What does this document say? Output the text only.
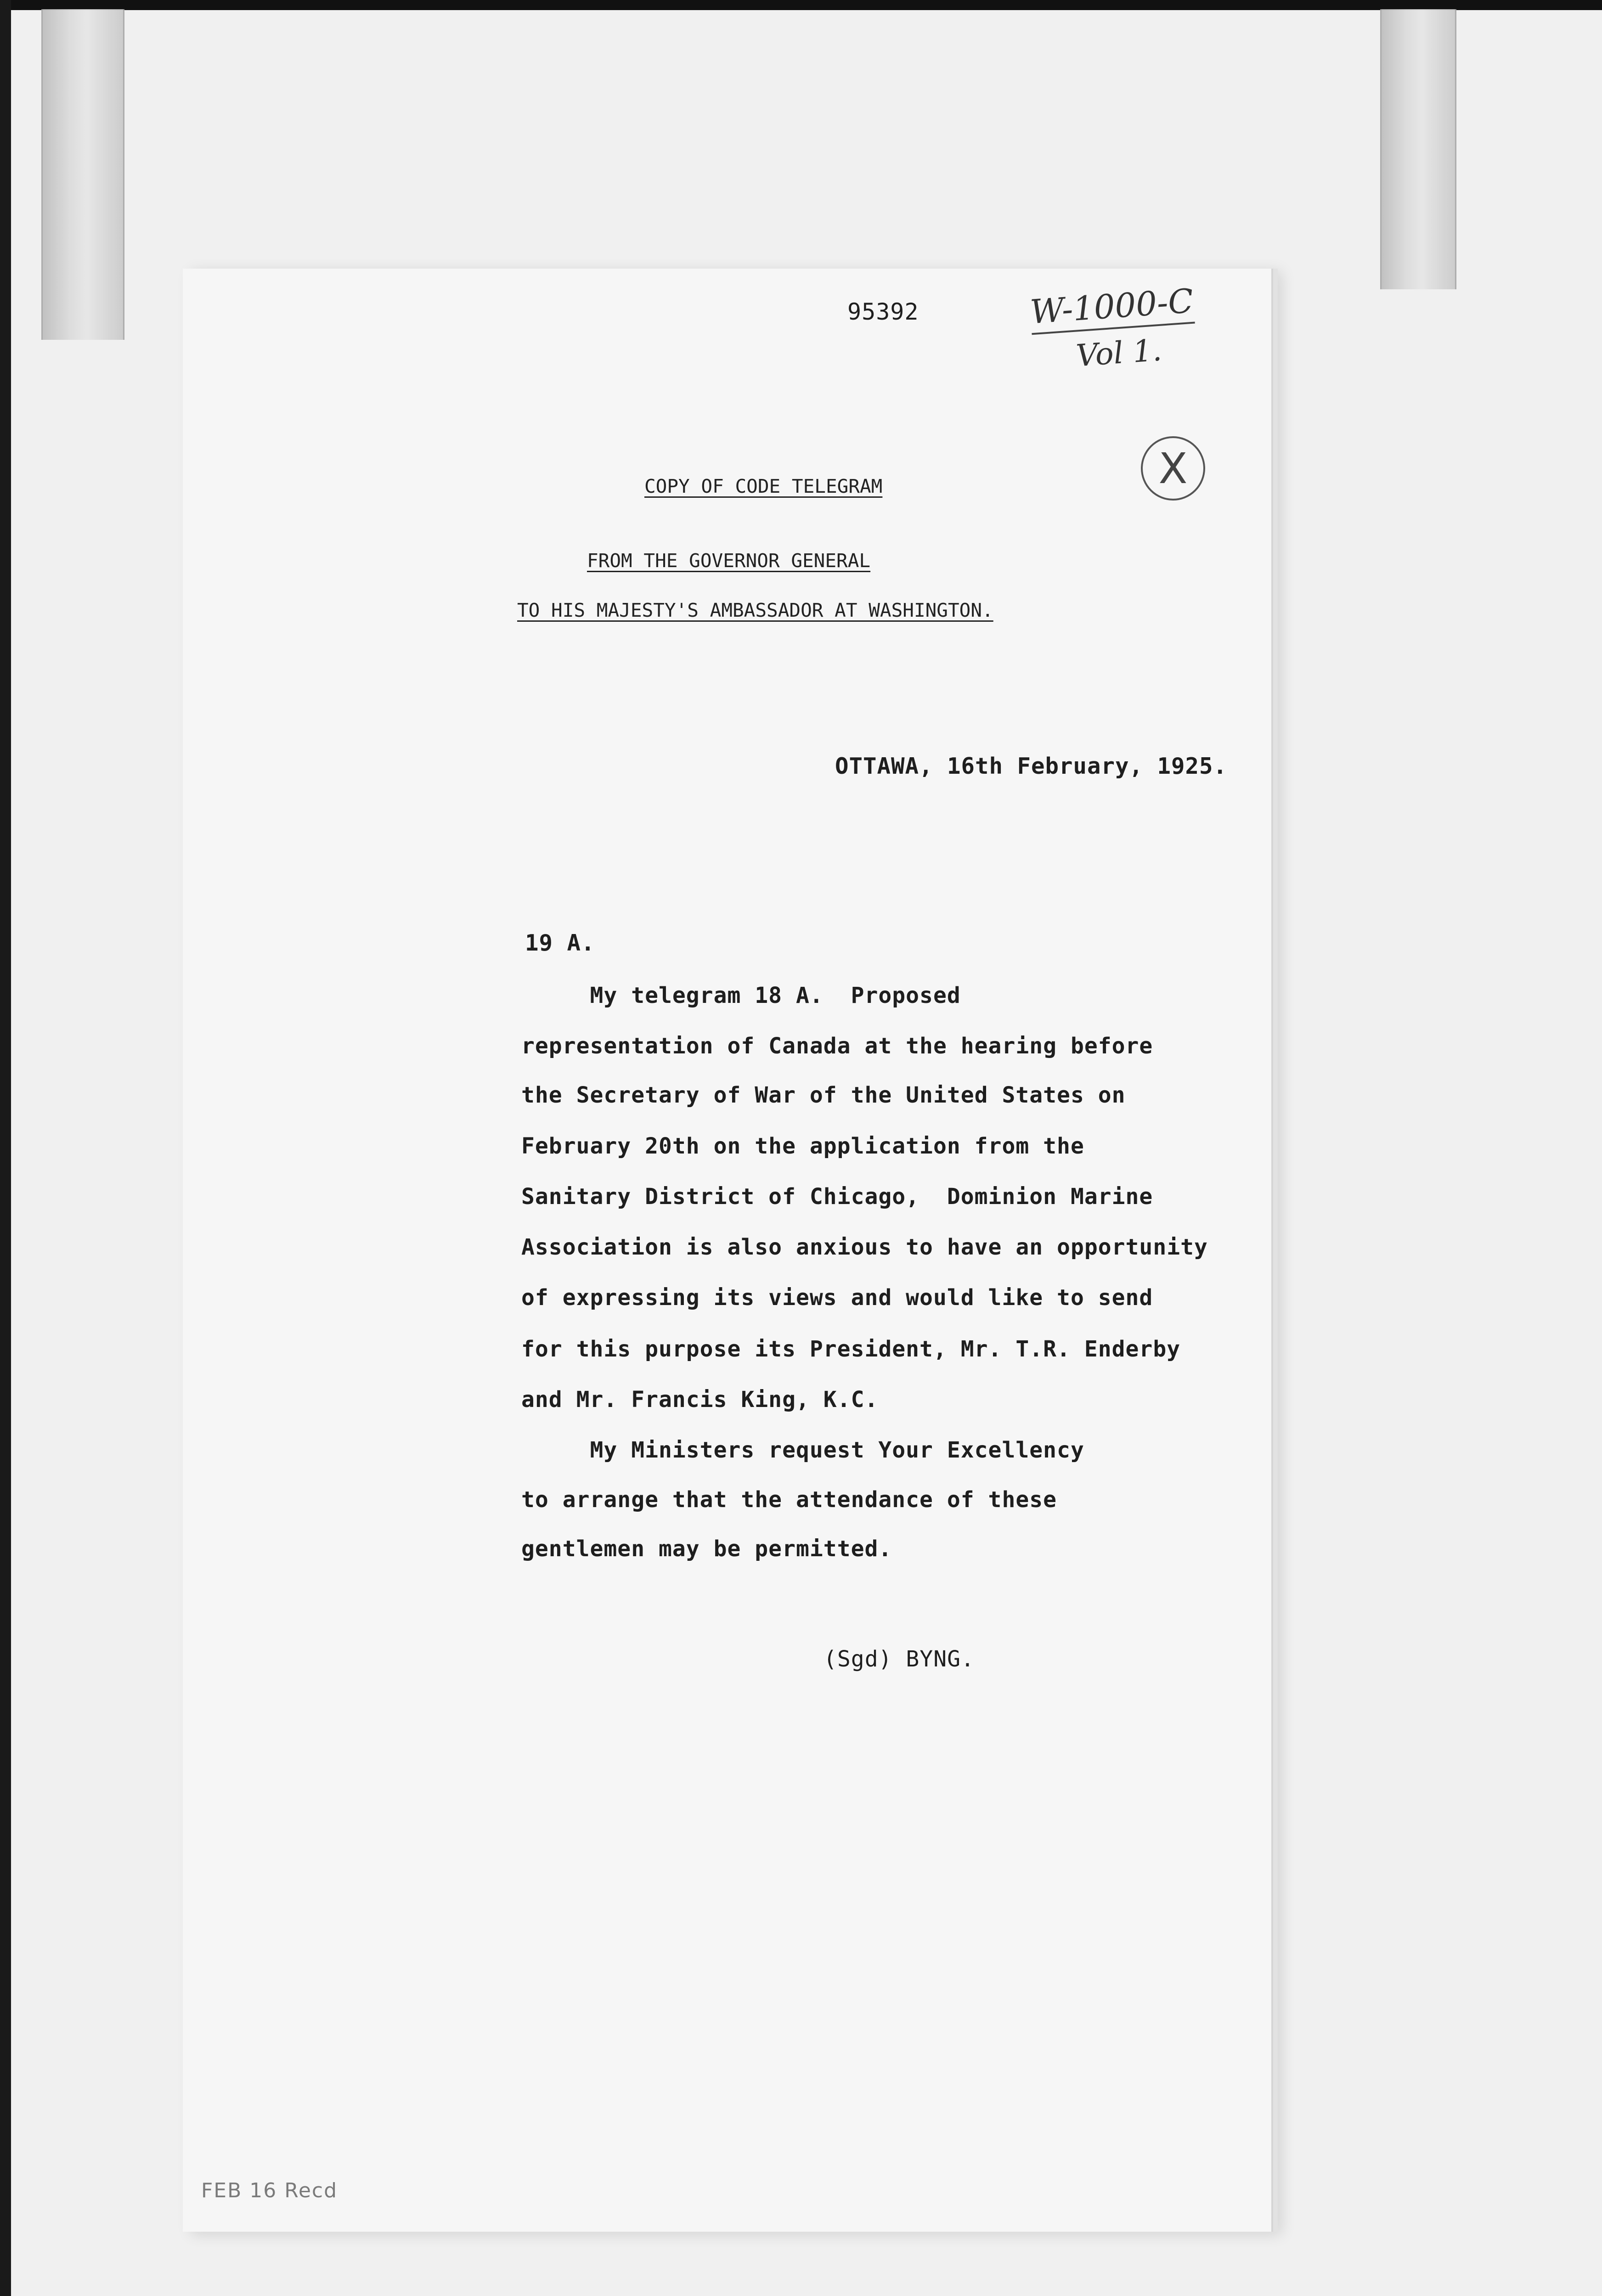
95392	W-1000-C
Vol 1.
X
COPY OF CODE TELEGRAM
FROM THE GOVERNOR GENERAL
TO HIS MAJESTY'S AMBASSADOR AT WASHINGTON.
OTTAWA, 16th February, 1925.
19 A.
My telegram 18 A.  Proposed
representation of Canada at the hearing before
the Secretary of War of the United States on
February 20th on the application from the
Sanitary District of Chicago,  Dominion Marine
Association is also anxious to have an opportunity
of expressing its views and would like to send
for this purpose its President, Mr. T.R. Enderby
and Mr. Francis King, K.C.
My Ministers request Your Excellency
to arrange that the attendance of these
gentlemen may be permitted.
(Sgd) BYNG.
FEB 16 Recd
